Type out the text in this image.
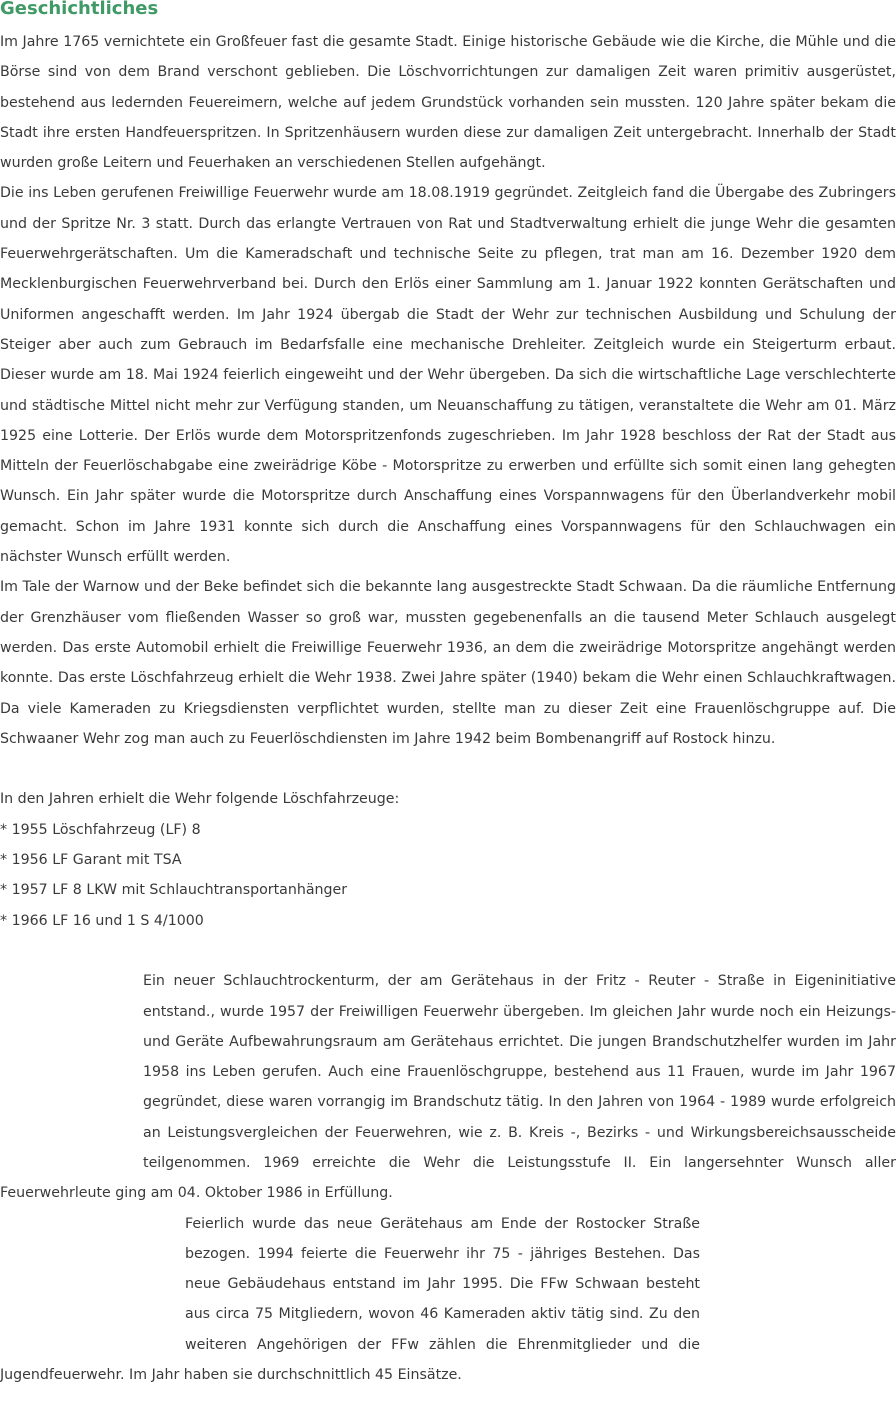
Geschichtliches

Im Jahre 1765 vernichtete ein Großfeuer fast die gesamte Stadt. Einige historische Gebäude wie die Kirche, die Mühle und die Börse sind von dem Brand verschont geblieben. Die Löschvorrichtungen zur damaligen Zeit waren primitiv ausgerüstet, bestehend aus ledernden Feuereimern, welche auf jedem Grundstück vorhanden sein mussten. 120 Jahre später bekam die Stadt ihre ersten Handfeuerspritzen. In Spritzenhäusern wurden diese zur damaligen Zeit untergebracht. Innerhalb der Stadt wurden große Leitern und Feuerhaken an verschiedenen Stellen aufgehängt.

Die ins Leben gerufenen Freiwillige Feuerwehr wurde am 18.08.1919 gegründet. Zeitgleich fand die Übergabe des Zubringers und der Spritze Nr. 3 statt. Durch das erlangte Vertrauen von Rat und Stadtverwaltung erhielt die junge Wehr die gesamten Feuerwehrgerätschaften. Um die Kameradschaft und technische Seite zu pflegen, trat man am 16. Dezember 1920 dem Mecklenburgischen Feuerwehrverband bei. Durch den Erlös einer Sammlung am 1. Januar 1922 konnten Gerätschaften und Uniformen angeschafft werden. Im Jahr 1924 übergab die Stadt der Wehr zur technischen Ausbildung und Schulung der Steiger aber auch zum Gebrauch im Bedarfsfalle eine mechanische Drehleiter. Zeitgleich wurde ein Steigerturm erbaut. Dieser wurde am 18. Mai 1924 feierlich eingeweiht und der Wehr übergeben. Da sich die wirtschaftliche Lage verschlechterte und städtische Mittel nicht mehr zur Verfügung standen, um Neuanschaffung zu tätigen, veranstaltete die Wehr am 01. März 1925 eine Lotterie. Der Erlös wurde dem Motorspritzenfonds zugeschrieben. Im Jahr 1928 beschloss der Rat der Stadt aus Mitteln der Feuerlöschabgabe eine zweirädrige Köbe - Motorspritze zu erwerben und erfüllte sich somit einen lang gehegten Wunsch. Ein Jahr später wurde die Motorspritze durch Anschaffung eines Vorspannwagens für den Überlandverkehr mobil gemacht. Schon im Jahre 1931 konnte sich durch die Anschaffung eines Vorspannwagens für den Schlauchwagen ein nächster Wunsch erfüllt werden.

Im Tale der Warnow und der Beke befindet sich die bekannte lang ausgestreckte Stadt Schwaan. Da die räumliche Entfernung der Grenzhäuser vom fließenden Wasser so groß war, mussten gegebenenfalls an die tausend Meter Schlauch ausgelegt werden. Das erste Automobil erhielt die Freiwillige Feuerwehr 1936, an dem die zweirädrige Motorspritze angehängt werden konnte. Das erste Löschfahrzeug erhielt die Wehr 1938. Zwei Jahre später (1940) bekam die Wehr einen Schlauchkraftwagen. Da viele Kameraden zu Kriegsdiensten verpflichtet wurden, stellte man zu dieser Zeit eine Frauenlöschgruppe auf. Die Schwaaner Wehr zog man auch zu Feuerlöschdiensten im Jahre 1942 beim Bombenangriff auf Rostock hinzu.

In den Jahren erhielt die Wehr folgende Löschfahrzeuge:

* 1955 Löschfahrzeug (LF) 8
* 1956 LF Garant mit TSA
* 1957 LF 8 LKW mit Schlauchtransportanhänger
* 1966 LF 16 und 1 S 4/1000

Ein neuer Schlauchtrockenturm, der am Gerätehaus in der Fritz - Reuter - Straße in Eigeninitiative entstand., wurde 1957 der Freiwilligen Feuerwehr übergeben. Im gleichen Jahr wurde noch ein Heizungs- und Geräte Aufbewahrungsraum am Gerätehaus errichtet. Die jungen Brandschutzhelfer wurden im Jahr 1958 ins Leben gerufen. Auch eine Frauenlöschgruppe, bestehend aus 11 Frauen, wurde im Jahr 1967 gegründet, diese waren vorrangig im Brandschutz tätig. In den Jahren von 1964 - 1989 wurde erfolgreich an Leistungsvergleichen der Feuerwehren, wie z. B. Kreis -, Bezirks - und Wirkungsbereichsausscheide teilgenommen. 1969 erreichte die Wehr die Leistungsstufe II. Ein langersehnter Wunsch aller Feuerwehrleute ging am 04. Oktober 1986 in Erfüllung.

Feierlich wurde das neue Gerätehaus am Ende der Rostocker Straße bezogen. 1994 feierte die Feuerwehr ihr 75 - jähriges Bestehen. Das neue Gebäudehaus entstand im Jahr 1995. Die FFw Schwaan besteht aus circa 75 Mitgliedern, wovon 46 Kameraden aktiv tätig sind. Zu den weiteren Angehörigen der FFw zählen die Ehrenmitglieder und die Jugendfeuerwehr. Im Jahr haben sie durchschnittlich 45 Einsätze.
